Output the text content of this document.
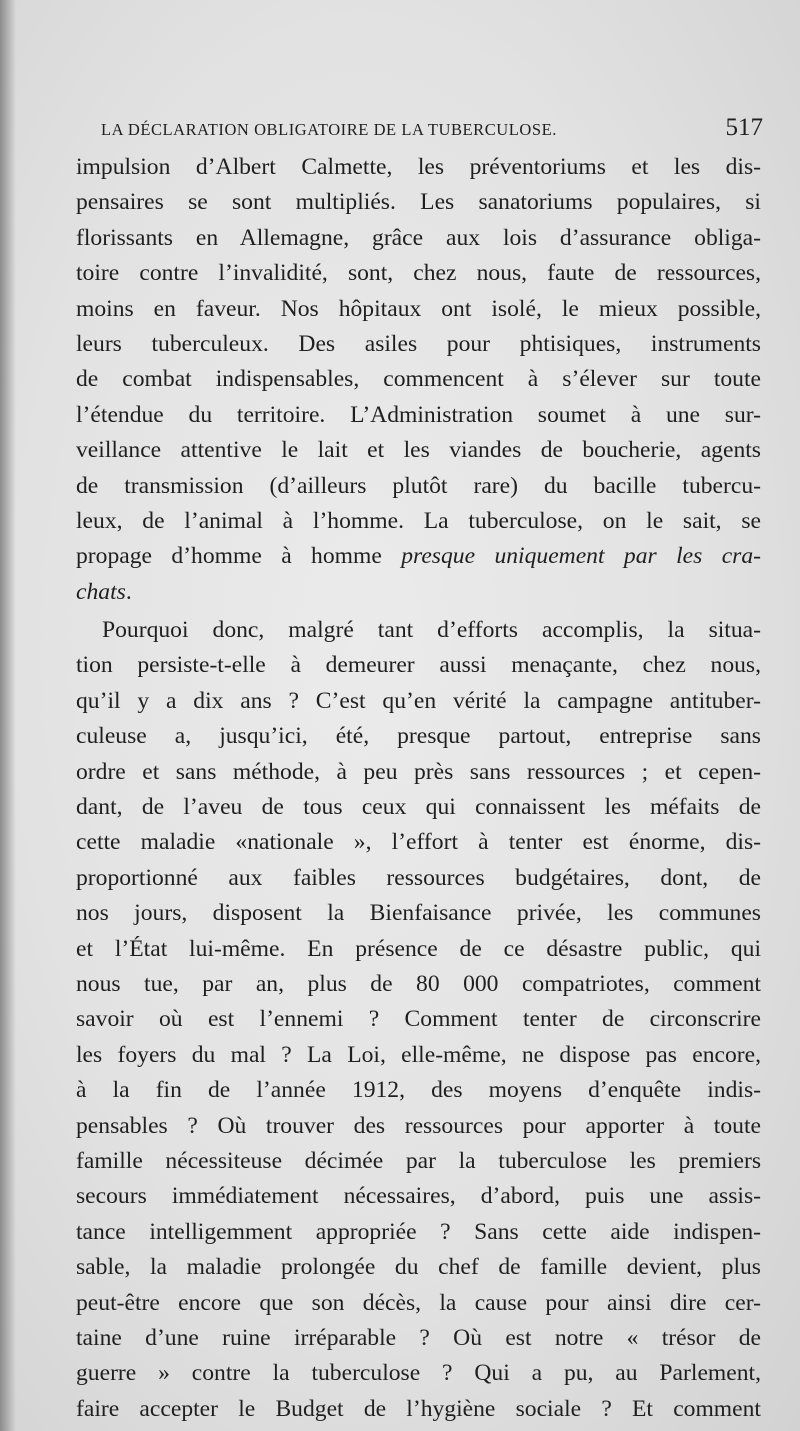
LA DÉCLARATION OBLIGATOIRE DE LA TUBERCULOSE.	517
impulsion d’Albert Calmette, les préventoriums et les dis-
pensaires se sont multipliés. Les sanatoriums populaires, si
florissants en Allemagne, grâce aux lois d’assurance obliga-
toire contre l’invalidité, sont, chez nous, faute de ressources,
moins en faveur. Nos hôpitaux ont isolé, le mieux possible,
leurs tuberculeux. Des asiles pour phtisiques, instruments
de combat indispensables, commencent à s’élever sur toute
l’étendue du territoire. L’Administration soumet à une sur-
veillance attentive le lait et les viandes de boucherie, agents
de transmission (d’ailleurs plutôt rare) du bacille tubercu-
leux, de l’animal à l’homme. La tuberculose, on le sait, se
propage d’homme à homme presque uniquement par les cra-
chats.
Pourquoi donc, malgré tant d’efforts accomplis, la situa-
tion persiste-t-elle à demeurer aussi menaçante, chez nous,
qu’il y a dix ans ? C’est qu’en vérité la campagne antituber-
culeuse a, jusqu’ici, été, presque partout, entreprise sans
ordre et sans méthode, à peu près sans ressources ; et cepen-
dant, de l’aveu de tous ceux qui connaissent les méfaits de
cette maladie «nationale », l’effort à tenter est énorme, dis-
proportionné aux faibles ressources budgétaires, dont, de
nos jours, disposent la Bienfaisance privée, les communes
et l’État lui-même. En présence de ce désastre public, qui
nous tue, par an, plus de 80 000 compatriotes, comment
savoir où est l’ennemi ? Comment tenter de circonscrire
les foyers du mal ? La Loi, elle-même, ne dispose pas encore,
à la fin de l’année 1912, des moyens d’enquête indis-
pensables ? Où trouver des ressources pour apporter à toute
famille nécessiteuse décimée par la tuberculose les premiers
secours immédiatement nécessaires, d’abord, puis une assis-
tance intelligemment appropriée ? Sans cette aide indispen-
sable, la maladie prolongée du chef de famille devient, plus
peut-être encore que son décès, la cause pour ainsi dire cer-
taine d’une ruine irréparable ? Où est notre « trésor de
guerre » contre la tuberculose ? Qui a pu, au Parlement,
faire accepter le Budget de l’hygiène sociale ? Et comment
